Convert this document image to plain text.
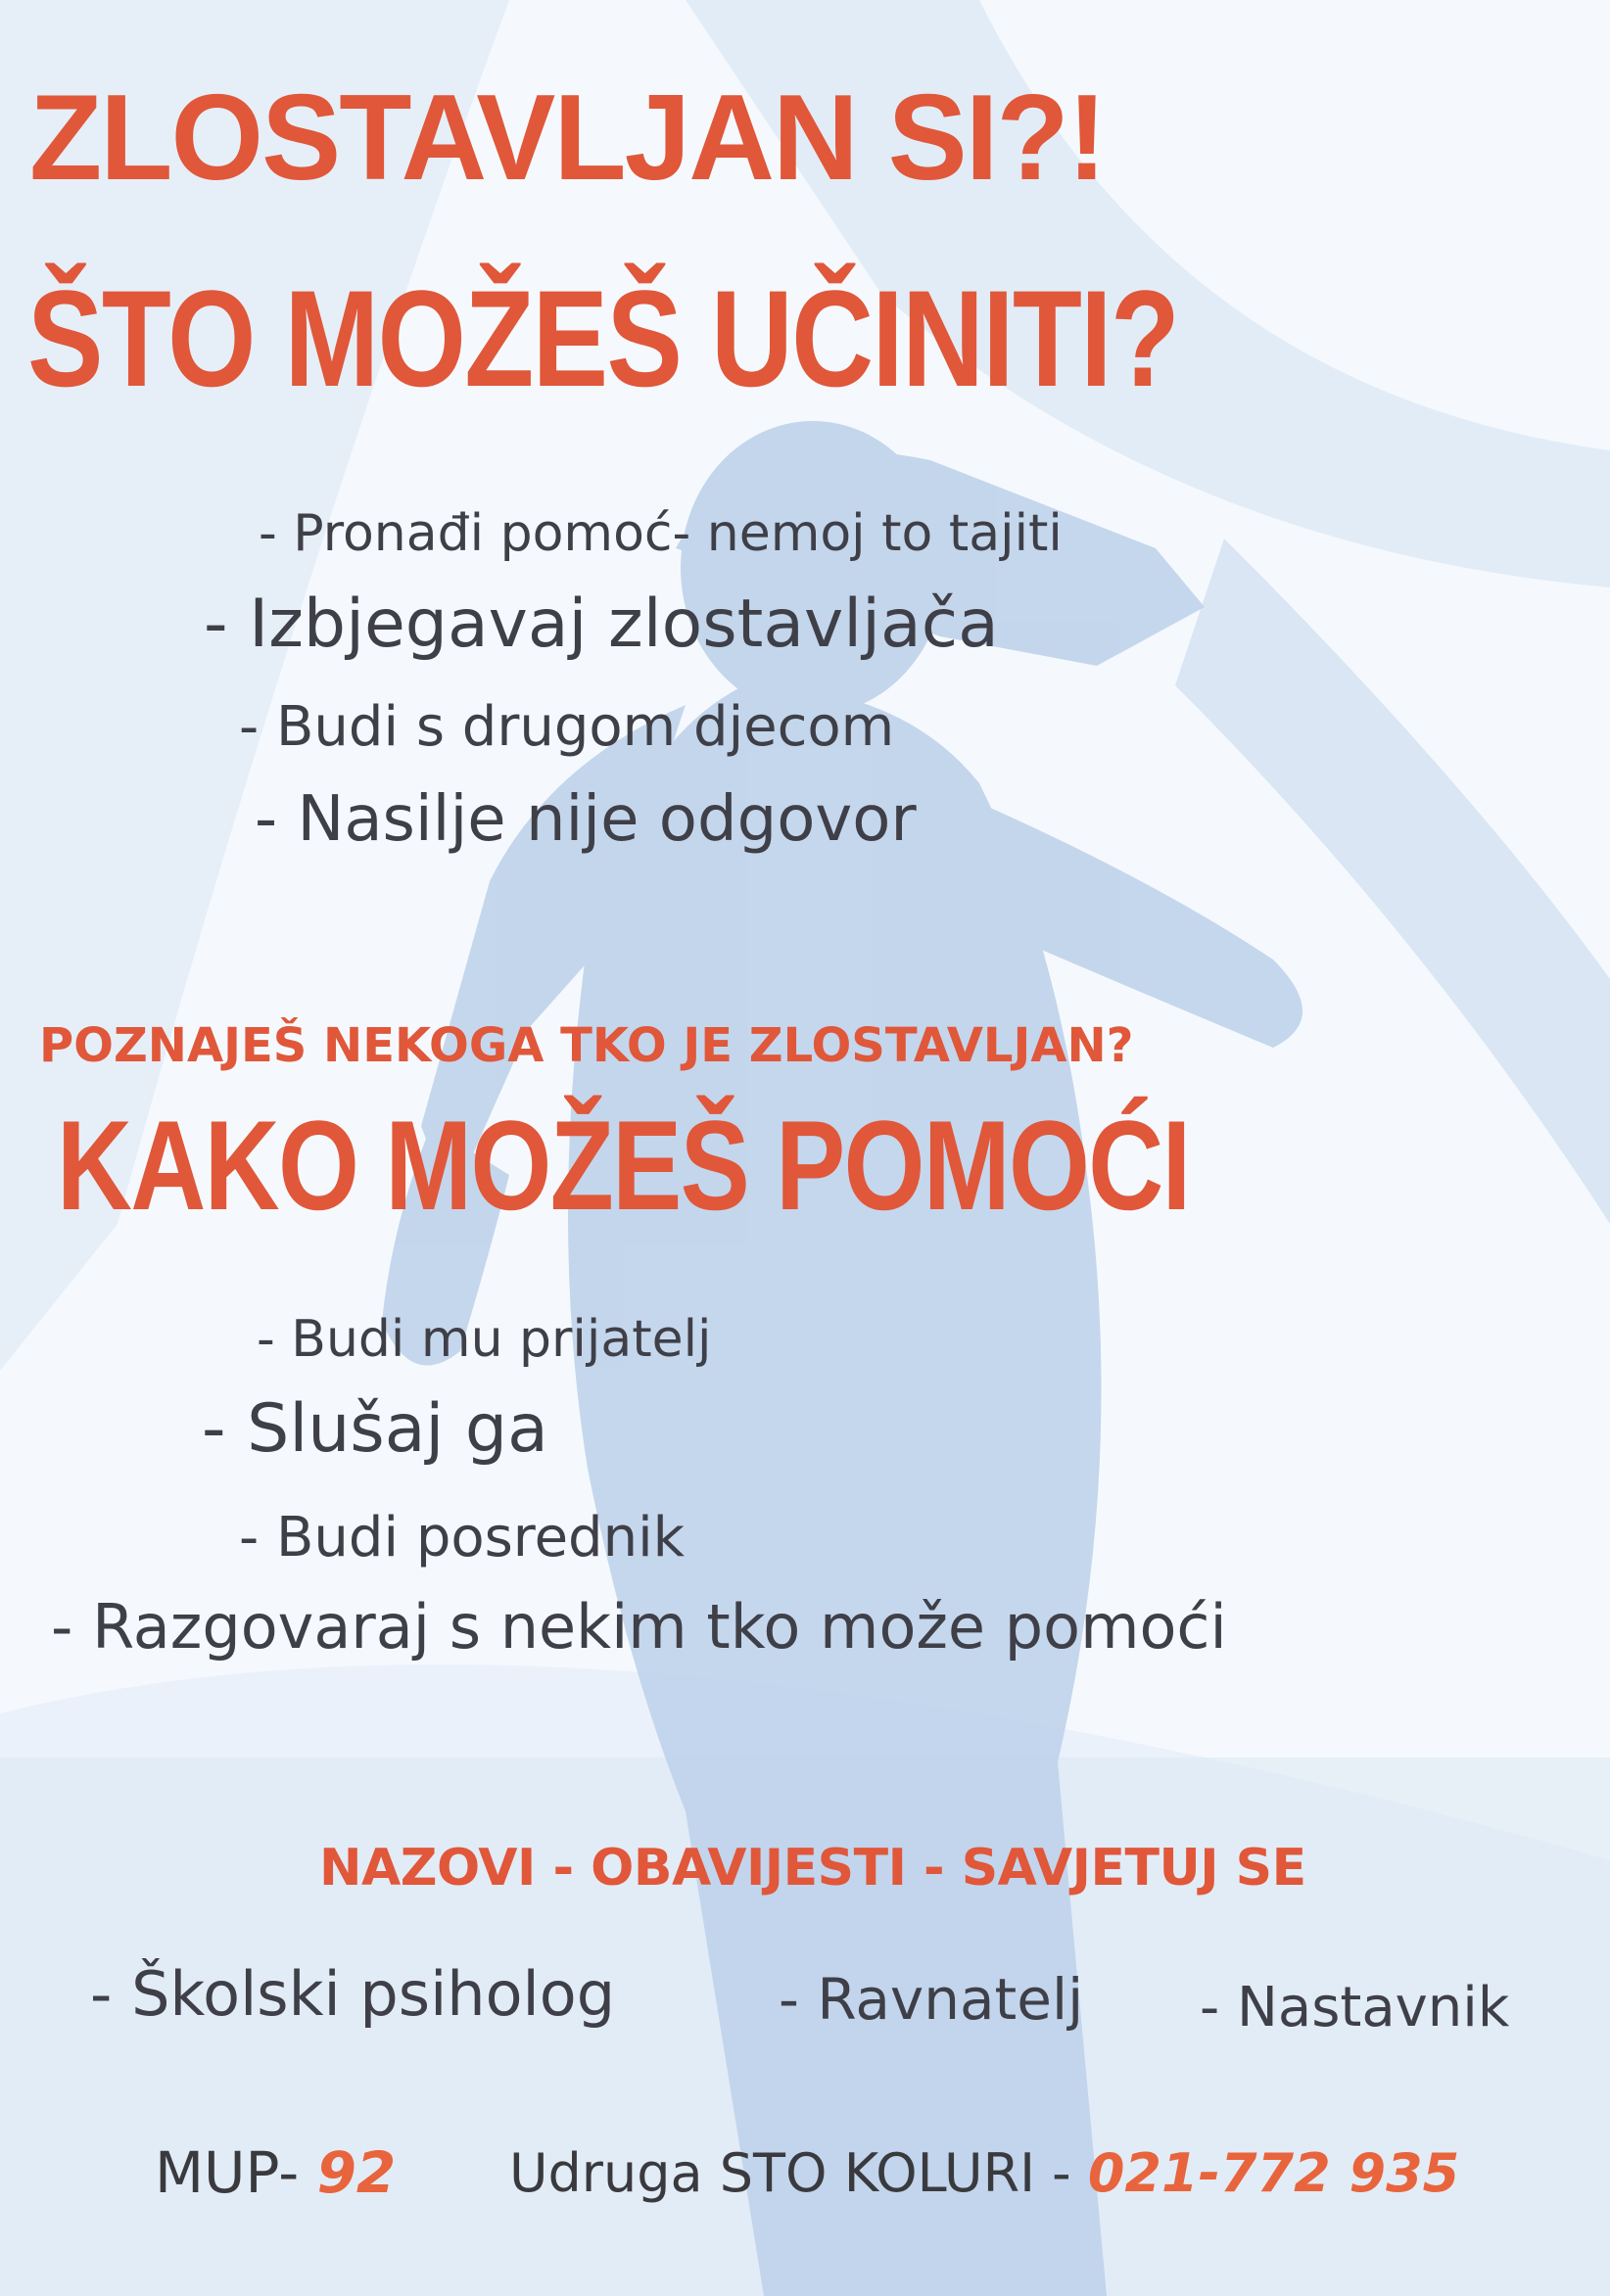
ZLOSTAVLJAN SI?!
ŠTO MOŽEŠ UČINITI?
- Pronađi pomoć- nemoj to tajiti
- Izbjegavaj zlostavljača
- Budi s drugom djecom
- Nasilje nije odgovor
POZNAJEŠ NEKOGA TKO JE ZLOSTAVLJAN?
KAKO MOŽEŠ POMOĆI
- Budi mu prijatelj
- Slušaj ga
- Budi posrednik
- Razgovaraj s nekim tko može pomoći
NAZOVI - OBAVIJESTI - SAVJETUJ SE
- Školski psiholog	- Ravnatelj - Nastavnik
MUP- 92 Udruga STO KOLURI - 021-772 935
